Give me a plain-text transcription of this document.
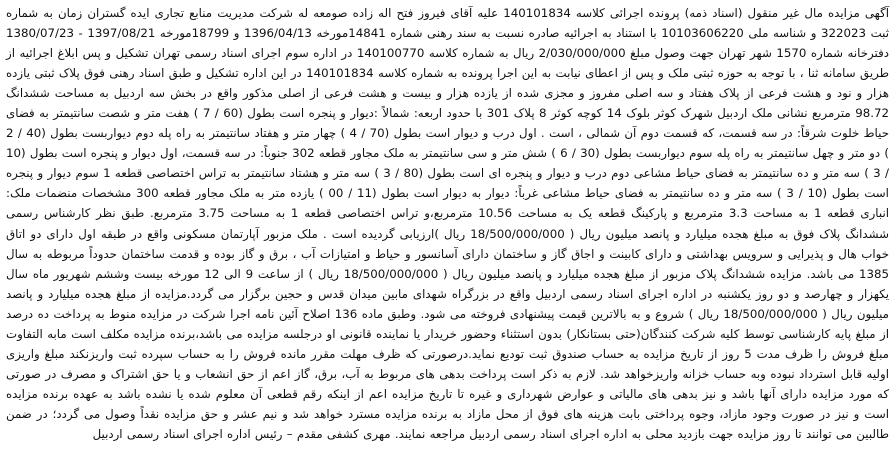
آگهی مزایده مال غیر منقول (اسناد ذمه) پرونده اجرائی کلاسه 140101834 علیه آقای فیروز فتح اله زاده صومعه له شرکت مدیریت منابع تجاری ایده گستران زمان به شماره ثبت 322023 و شناسه ملی 10103606220 با استناد به اجرائیه صادره نسبت به سند رهنی شماره 14841مورخه 1396/04/13 و 18799مورخه 1397/08/21 - 1380/07/23 دفترخانه شماره 1570 شهر تهران جهت وصول مبلغ 2/030/000/000 ریال به شماره کلاسه 140100770 در اداره سوم اجرای اسناد رسمی تهران تشکیل و پس ابلاغ اجرائیه از طریق سامانه ثنا ، با توجه به حوزه ثبتی ملک و پس از اعطای نیابت به این اجرا پرونده به شماره کلاسه 140101834 در این اداره تشکیل و طبق اسناد رهنی فوق پلاک ثبتی یازده هزار و نود و هشت فرعی از پلاک هفتاد و سه اصلی مفروز و مجزی شده از یازده هزار و بیست و هشت فرعی از اصلی مذکور واقع در بخش سه اردبیل به مساحت ششدانگ 98.72 مترمربع نشانی ملک اردبیل شهرک کوثر بلوک 14 کوچه کوثر 8 پلاک 301 با حدود اربعه: شمالاً :دیوار و پنجره است بطول (60 / 7 ) هفت متر و شصت سانتیمتر به فضای حیاط خلوت شرقاً: در سه قسمت، که قسمت دوم آن شمالی ، است . اول درب و دیوار است بطول (70 / 4 ) چهار متر و هفتاد سانتیمتر به راه پله دوم دیواربست بطول (40 / 2 ) دو متر و چهل سانتیمتر به راه پله سوم دیواربست بطول (30 / 6 ) شش متر و سی سانتیمتر به ملک مجاور قطعه 302 جنوباً: در سه قسمت، اول دیوار و پنجره است بطول (10 / 3 ) سه متر و ده سانتیمتر به فضای حیاط مشاعی دوم درب و دیوار و پنجره ای است بطول (80 / 3 ) سه متر و هشتاد سانتیمتر به تراس اختصاصی قطعه 1 سوم دیوار و پنجره است بطول (10 / 3 ) سه متر و ده سانتیمتر به فضای حیاط مشاعی غرباً: دیوار به دیوار است بطول (11 / 00 ) یازده متر به ملک مجاور قطعه 300 مشخصات منضمات ملک: انباری قطعه 1 به مساحت 3.3 مترمربع و پارکینگ قطعه یک به مساحت 10.56 مترمربع،و تراس اختصاصی قطعه 1 به مساحت 3.75 مترمربع. طبق نظر کارشناس رسمی ششدانگ پلاک فوق به مبلغ هجده میلیارد و پانصد میلیون ریال ( 18/500/000/000 ریال )ارزیابی گردیده است . ملک مزبور آپارتمان مسکونی واقع در طبقه اول دارای دو اتاق خواب هال و پذیرایی و سرویس بهداشتی و دارای کابینت و اجاق گاز و ساختمان دارای آسانسور و حیاط و امتیازات آب ، برق و گاز بوده و قدمت ساختمان حدوداً مربوطه به سال 1385 می باشد. مزایده ششدانگ پلاک مزبور از مبلغ هجده میلیارد و پانصد میلیون ریال ( 18/500/000/000 ریال ) از ساعت 9 الی 12 مورخه بیست وششم شهریور ماه سال یکهزار و چهارصد و دو روز یکشنبه در اداره اجرای اسناد رسمی اردبیل واقع در بزرگراه شهدای مابین میدان قدس و حجین برگزار می گردد.مزایده از مبلغ هجده میلیارد و پانصد میلیون ریال ( 18/500/000/000 ریال ) شروع و به بالاترین قیمت پیشنهادی فروخته می شود. وطبق ماده 136 اصلاح آئین نامه اجرا شرکت در مزایده منوط به پرداخت ده درصد از مبلغ پایه کارشناسی توسط کلیه شرکت کنندگان(حتی بستانکار) بدون استثناء وحضور خریدار یا نماینده قانونی او درجلسه مزایده می باشد،برنده مزایده مکلف است مابه التفاوت مبلغ فروش را ظرف مدت 5 روز از تاریخ مزایده به حساب صندوق ثبت تودیع نماید.درصورتی که ظرف مهلت مقرر مانده فروش را به حساب سپرده ثبت واریزنکند مبلغ واریزی اولیه قابل استرداد نبوده وبه حساب خزانه واریزخواهد شد. لازم به ذکر است پرداخت بدهی های مربوط به آب، برق، گاز اعم از حق انشعاب و یا حق اشتراک و مصرف در صورتی که مورد مزایده دارای آنها باشد و نیز بدهی های مالیاتی و عوارض شهرداری و غیره تا تاریخ مزایده اعم از اینکه رقم قطعی آن معلوم شده یا نشده باشد به عهده برنده مزایده است و نیز در صورت وجود مازاد، وجوه پرداختی بابت هزینه های فوق از محل مازاد به برنده مزایده مسترد خواهد شد و نیم عشر و حق مزایده نقداً وصول می گردد؛ در ضمن طالبین می توانند تا روز مزایده جهت بازدید محلی به اداره اجرای اسناد رسمی اردبیل مراجعه نمایند. مهری کشفی مقدم – رئیس اداره اجرای اسناد رسمی اردبیل
